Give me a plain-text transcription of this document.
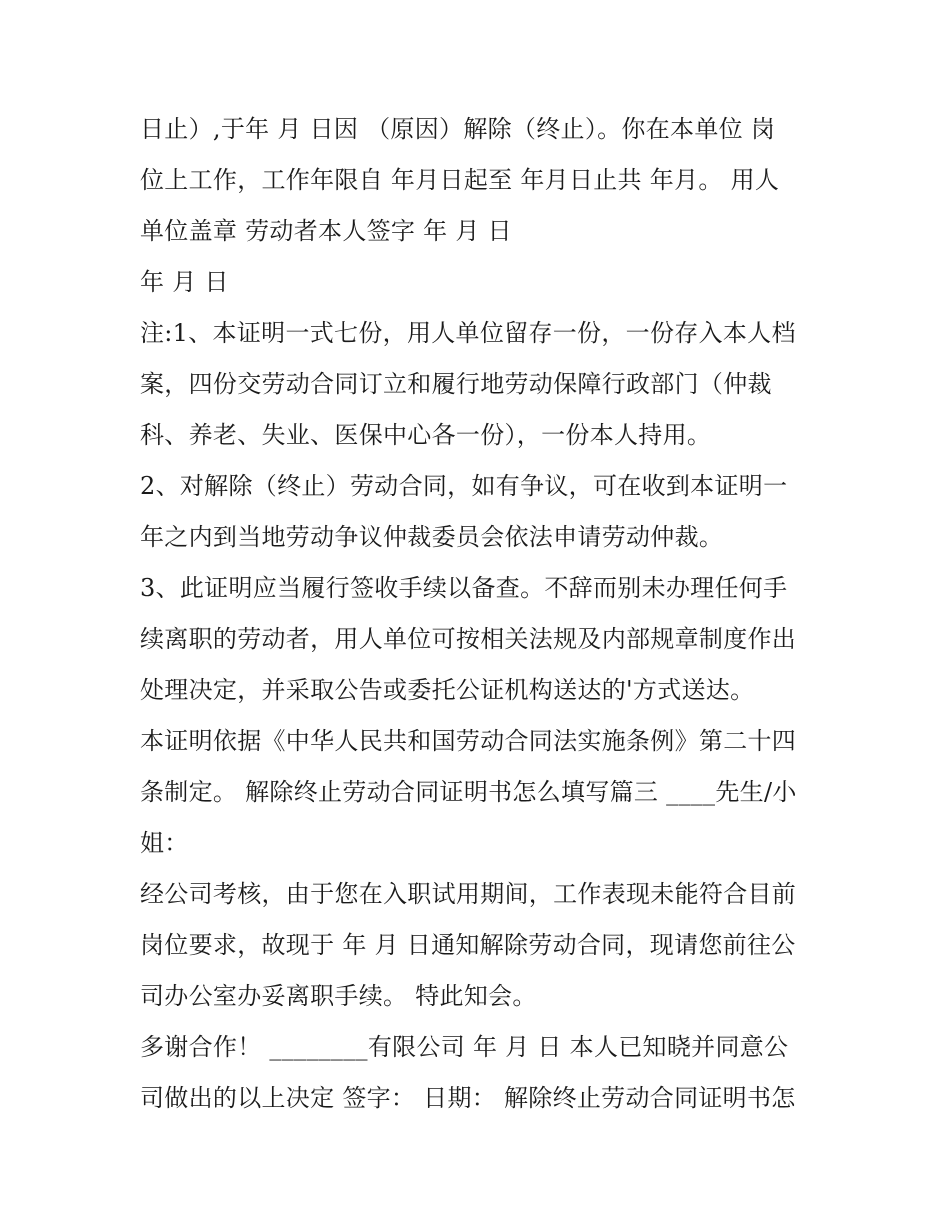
日止）,于年 月 日因 （原因）解除（终止）。你在本单位 岗
位上工作，工作年限自 年月日起至 年月日止共 年月。 用人
单位盖章 劳动者本人签字 年 月 日
年 月 日
注:1、本证明一式七份，用人单位留存一份，一份存入本人档
案，四份交劳动合同订立和履行地劳动保障行政部门（仲裁
科、养老、失业、医保中心各一份），一份本人持用。
2、对解除（终止）劳动合同，如有争议，可在收到本证明一
年之内到当地劳动争议仲裁委员会依法申请劳动仲裁。
3、此证明应当履行签收手续以备查。不辞而别未办理任何手
续离职的劳动者，用人单位可按相关法规及内部规章制度作出
处理决定，并采取公告或委托公证机构送达的'方式送达。
本证明依据《中华人民共和国劳动合同法实施条例》第二十四
条制定。 解除终止劳动合同证明书怎么填写篇三 ____先生/小
姐：
经公司考核，由于您在入职试用期间，工作表现未能符合目前
岗位要求，故现于 年 月 日通知解除劳动合同，现请您前往公
司办公室办妥离职手续。 特此知会。
多谢合作！ ________有限公司 年 月 日 本人已知晓并同意公
司做出的以上决定 签字： 日期： 解除终止劳动合同证明书怎
